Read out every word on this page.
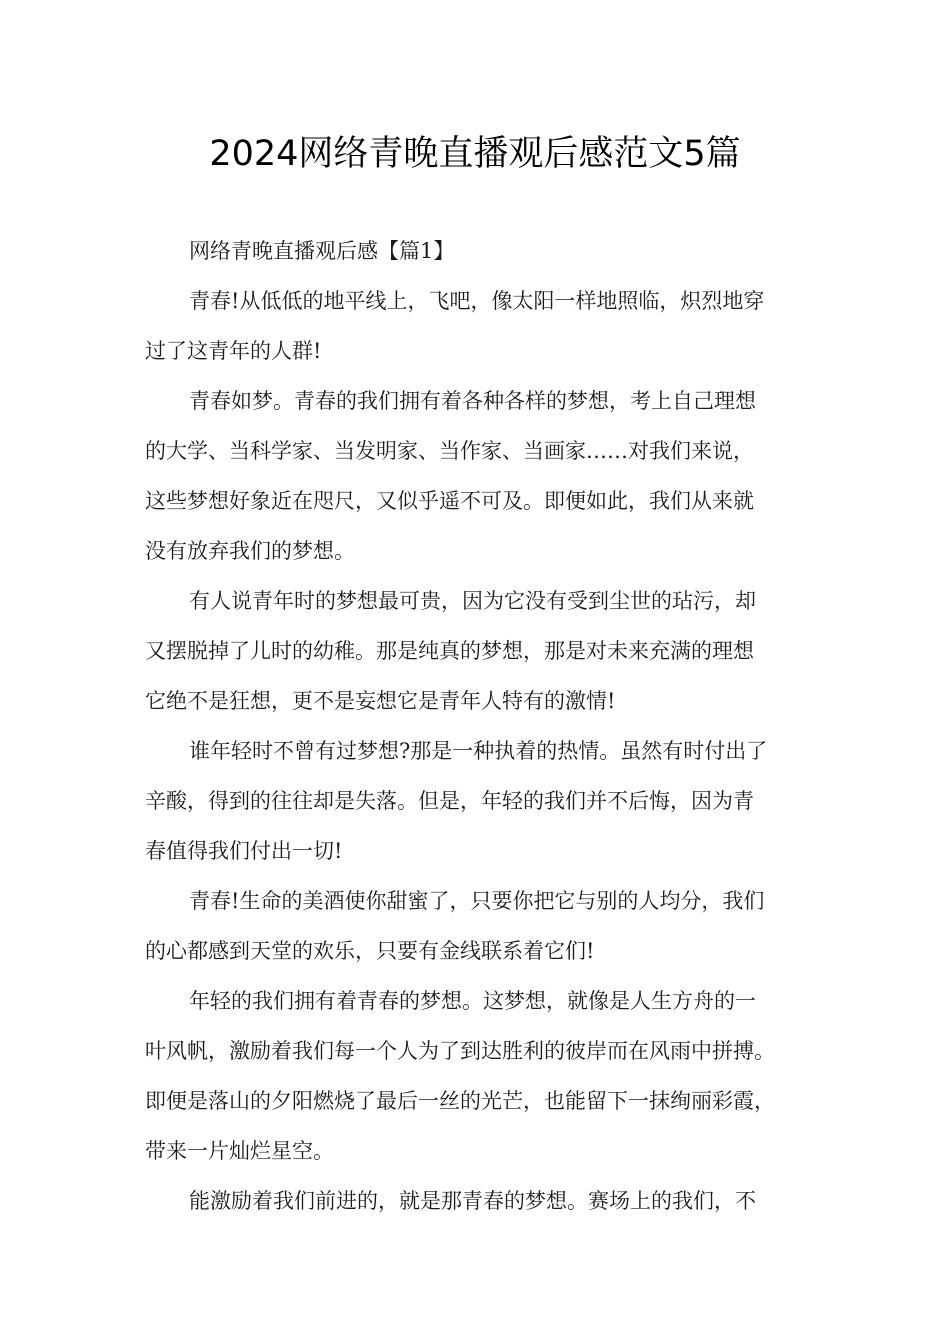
2024网络青晚直播观后感范文5篇
网络青晚直播观后感【篇1】
青春!从低低的地平线上，飞吧，像太阳一样地照临，炽烈地穿
过了这青年的人群!
青春如梦。青春的我们拥有着各种各样的梦想，考上自己理想
的大学、当科学家、当发明家、当作家、当画家……对我们来说，
这些梦想好象近在咫尺，又似乎遥不可及。即便如此，我们从来就
没有放弃我们的梦想。
有人说青年时的梦想最可贵，因为它没有受到尘世的玷污，却
又摆脱掉了儿时的幼稚。那是纯真的梦想，那是对未来充满的理想
它绝不是狂想，更不是妄想它是青年人特有的激情!
谁年轻时不曾有过梦想?那是一种执着的热情。虽然有时付出了
辛酸，得到的往往却是失落。但是，年轻的我们并不后悔，因为青
春值得我们付出一切!
青春!生命的美酒使你甜蜜了，只要你把它与别的人均分，我们
的心都感到天堂的欢乐，只要有金线联系着它们!
年轻的我们拥有着青春的梦想。这梦想，就像是人生方舟的一
叶风帆，激励着我们每一个人为了到达胜利的彼岸而在风雨中拼搏。
即便是落山的夕阳燃烧了最后一丝的光芒，也能留下一抹绚丽彩霞，
带来一片灿烂星空。
能激励着我们前进的，就是那青春的梦想。赛场上的我们，不
